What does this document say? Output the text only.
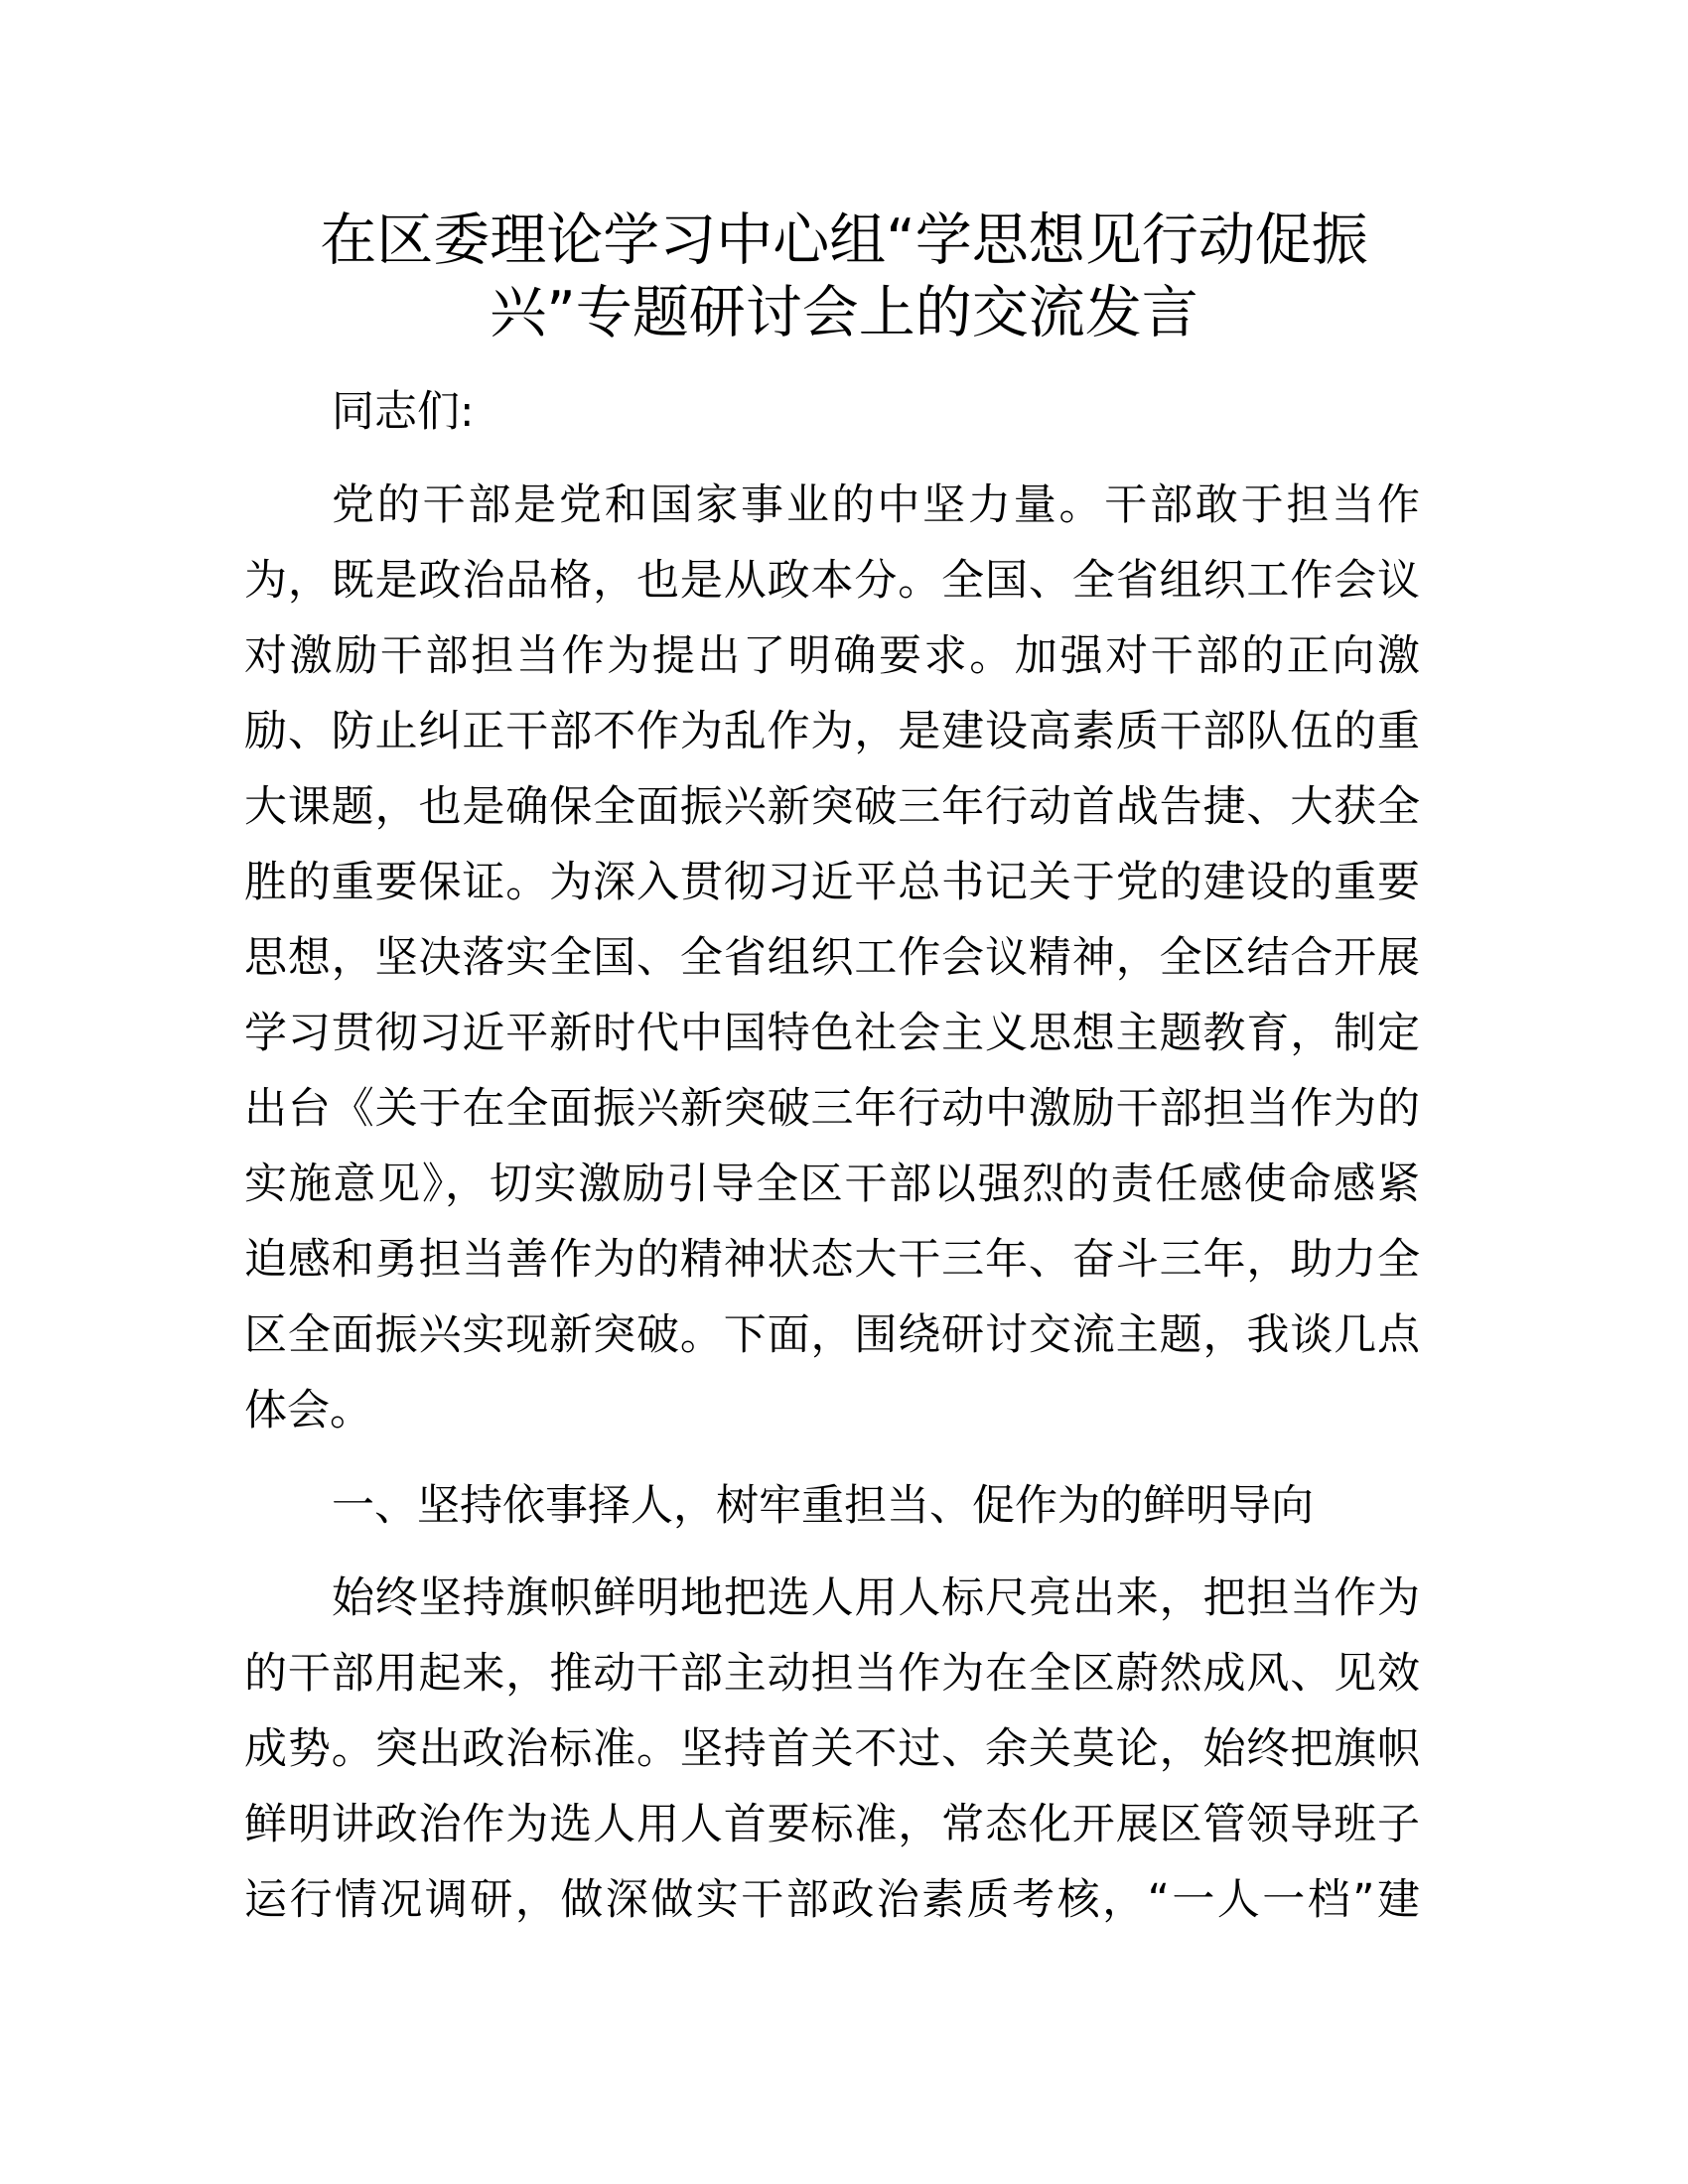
在区委理论学习中心组“学思想见行动促振
兴”专题研讨会上的交流发言
同志们:
党的干部是党和国家事业的中坚力量。干部敢于担当作
为，既是政治品格，也是从政本分。全国、全省组织工作会议
对激励干部担当作为提出了明确要求。加强对干部的正向激
励、防止纠正干部不作为乱作为，是建设高素质干部队伍的重
大课题，也是确保全面振兴新突破三年行动首战告捷、大获全
胜的重要保证。为深入贯彻习近平总书记关于党的建设的重要
思想，坚决落实全国、全省组织工作会议精神，全区结合开展
学习贯彻习近平新时代中国特色社会主义思想主题教育，制定
出台《关于在全面振兴新突破三年行动中激励干部担当作为的
实施意见》，切实激励引导全区干部以强烈的责任感使命感紧
迫感和勇担当善作为的精神状态大干三年、奋斗三年，助力全
区全面振兴实现新突破。下面，围绕研讨交流主题，我谈几点
体会。
一、坚持依事择人，树牢重担当、促作为的鲜明导向
始终坚持旗帜鲜明地把选人用人标尺亮出来，把担当作为
的干部用起来，推动干部主动担当作为在全区蔚然成风、见效
成势。突出政治标准。坚持首关不过、余关莫论，始终把旗帜
鲜明讲政治作为选人用人首要标准，常态化开展区管领导班子
运行情况调研，做深做实干部政治素质考核，“一人一档”建
